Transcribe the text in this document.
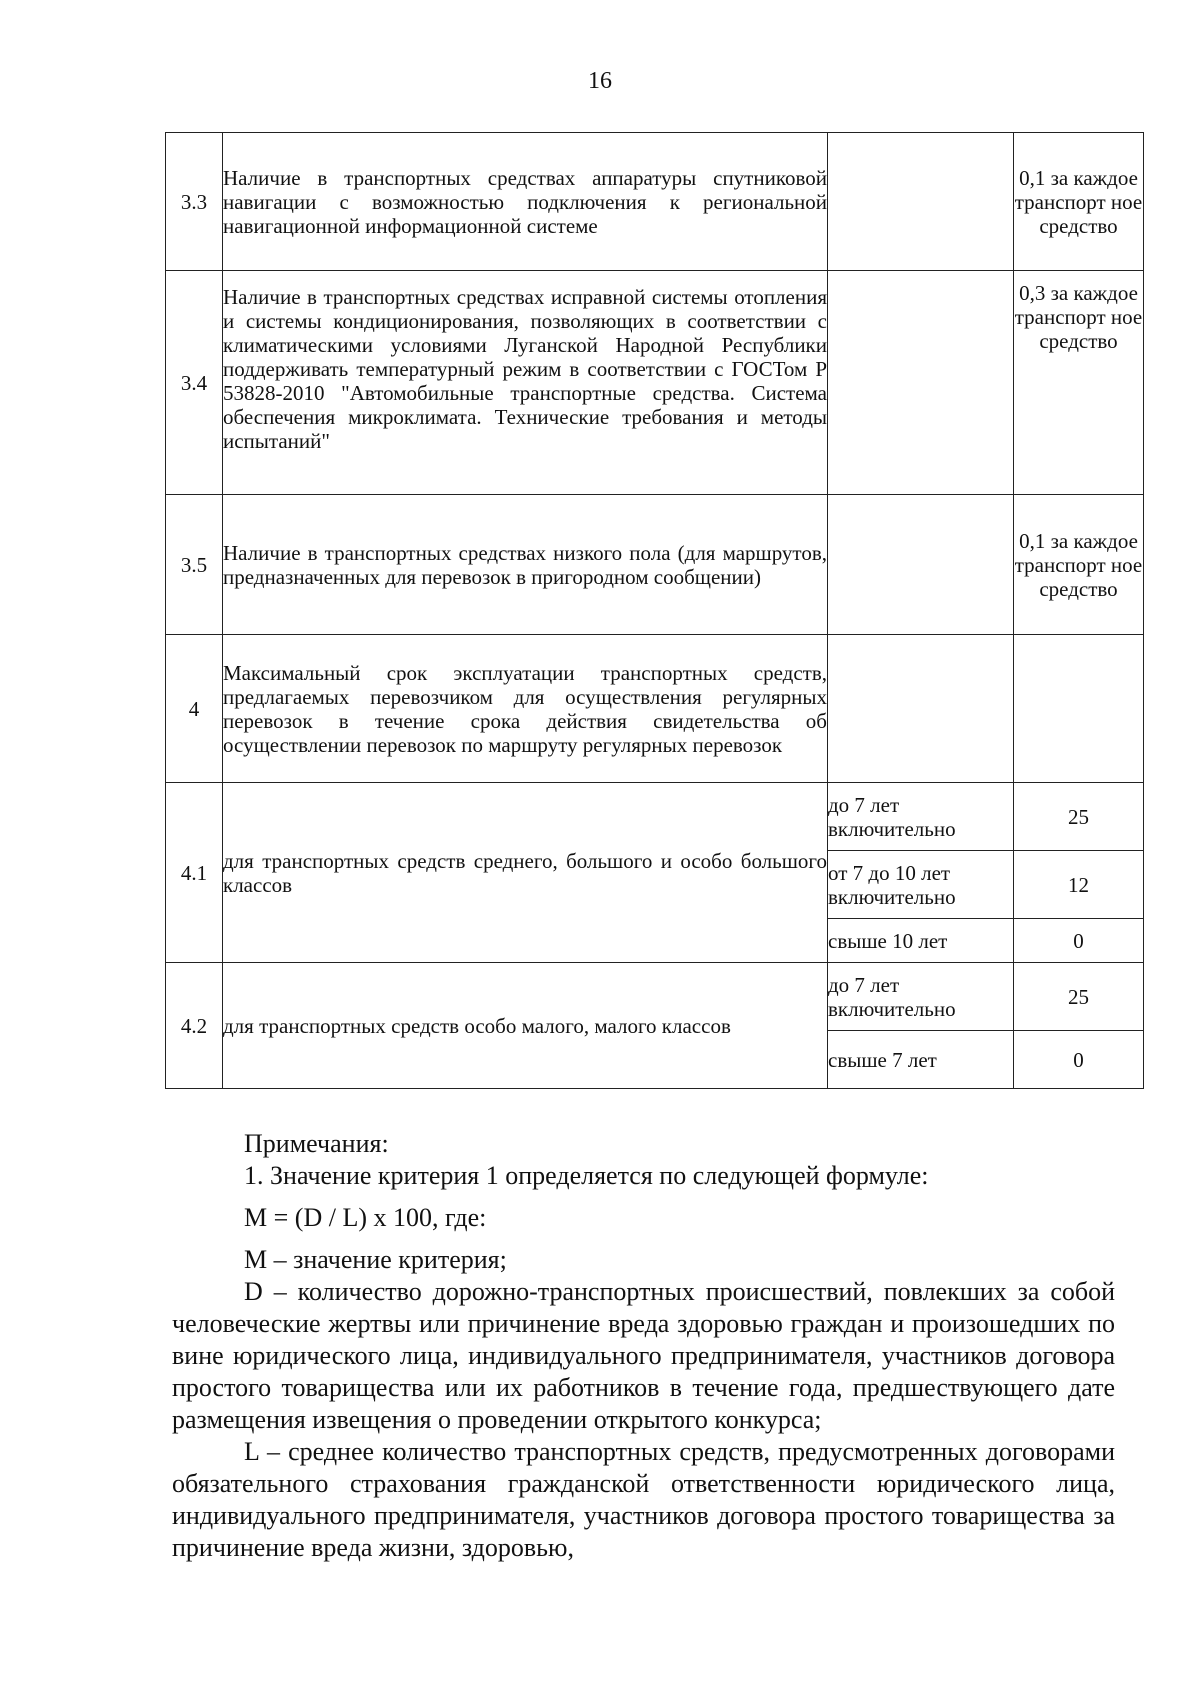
16
3.3	Наличие в транспортных средствах аппаратуры спутниковой навигации с возможностью подключения к региональной навигационной информационной системе		0,1 за каждое транспорт ное средство
3.4	Наличие в транспортных средствах исправной системы отопления и системы кондиционирования, позволяющих в соответствии с климатическими условиями Луганской Народной Республики поддерживать температурный режим в соответствии с ГОСТом Р 53828-2010 "Автомобильные транспортные средства. Система обеспечения микроклимата. Технические требования и методы испытаний"		0,3 за каждое транспорт ное средство
3.5	Наличие в транспортных средствах низкого пола (для маршрутов, предназначенных для перевозок в пригородном сообщении)		0,1 за каждое транспорт ное средство
4	Максимальный срок эксплуатации транспортных средств, предлагаемых перевозчиком для осуществления регулярных перевозок в течение срока действия свидетельства об осуществлении перевозок по маршруту регулярных перевозок		
4.1	для транспортных средств среднего, большого и особо большого классов	до 7 лет включительно	25
		от 7 до 10 лет включительно	12
		свыше 10 лет	0
4.2	для транспортных средств особо малого, малого классов	до 7 лет включительно	25
		свыше 7 лет	0

Примечания:

1. Значение критерия 1 определяется по следующей формуле:

M = (D / L) x 100, где:

M – значение критерия;

D – количество дорожно-транспортных происшествий, повлекших за собой человеческие жертвы или причинение вреда здоровью граждан и произошедших по вине юридического лица, индивидуального предпринимателя, участников договора простого товарищества или их работников в течение года, предшествующего дате размещения извещения о проведении открытого конкурса;

L – среднее количество транспортных средств, предусмотренных договорами обязательного страхования гражданской ответственности юридического лица, индивидуального предпринимателя, участников договора простого товарищества за причинение вреда жизни, здоровью,
